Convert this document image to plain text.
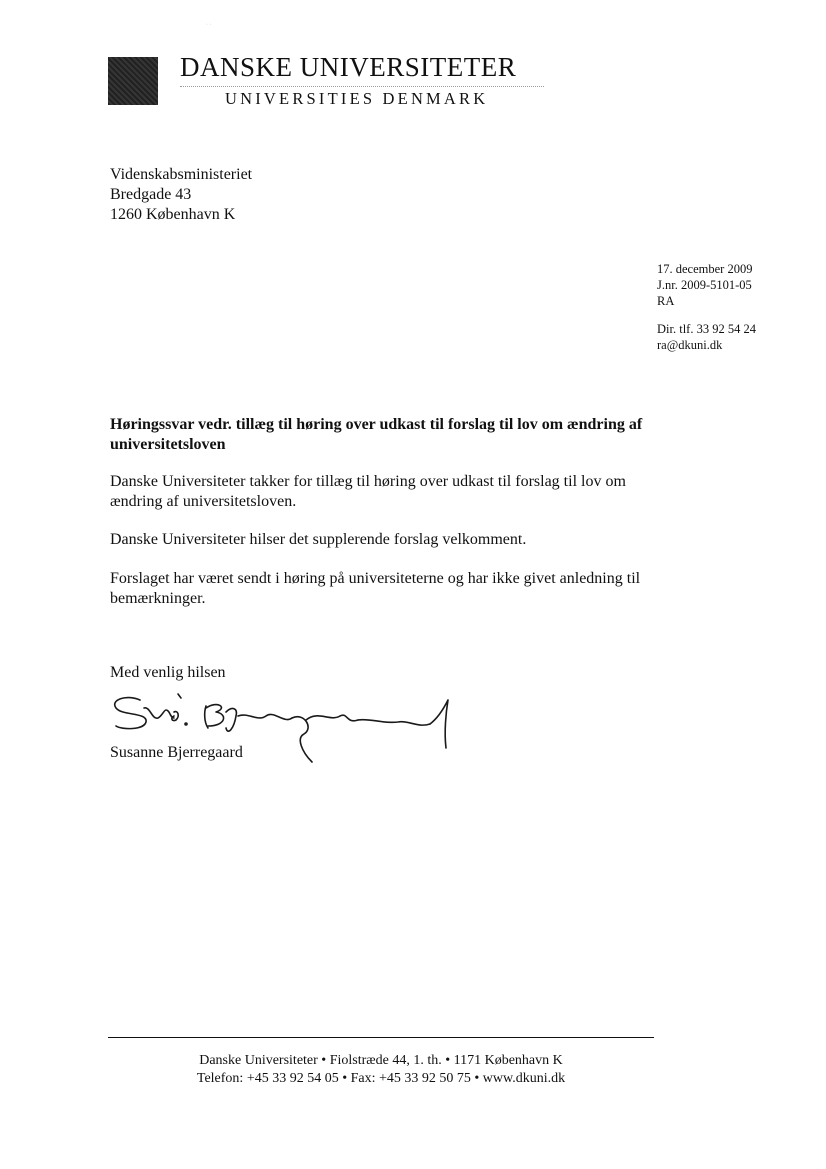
· ·
DANSKE UNIVERSITETER
UNIVERSITIES DENMARK
Videnskabsministeriet
Bredgade 43
1260 København K
17. december 2009
J.nr. 2009-5101-05
RA
Dir. tlf. 33 92 54 24
ra@dkuni.dk
Høringssvar vedr. tillæg til høring over udkast til forslag til lov om ændring af universitetsloven
Danske Universiteter takker for tillæg til høring over udkast til forslag til lov om ændring af universitetsloven.
Danske Universiteter hilser det supplerende forslag velkomment.
Forslaget har været sendt i høring på universiteterne og har ikke givet anledning til bemærkninger.
Med venlig hilsen
Susanne Bjerregaard
Danske Universiteter • Fiolstræde 44, 1. th. • 1171 København K
Telefon: +45 33 92 54 05 • Fax: +45 33 92 50 75 • www.dkuni.dk
